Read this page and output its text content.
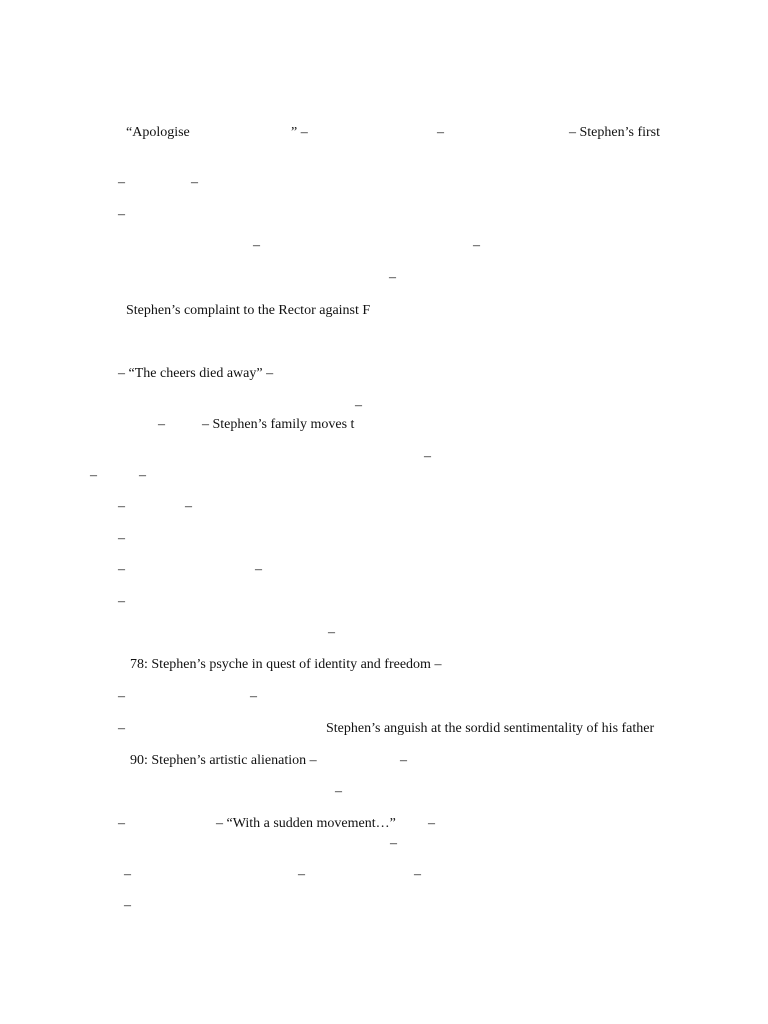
“Apologise	” –	–	– Stephen’s first
–	–
–
–	–
–
Stephen’s complaint to the Rector against F
– “The cheers died away” –
–
–	– Stephen’s family moves t
–
–	–
–	–
–
–	–
–
–
78: Stephen’s psyche in quest of identity and freedom –
–	–
–	Stephen’s anguish at the sordid sentimentality of his father
90: Stephen’s artistic alienation –	–
–
–	– “With a sudden movement…” –
–
–	–	–
–
